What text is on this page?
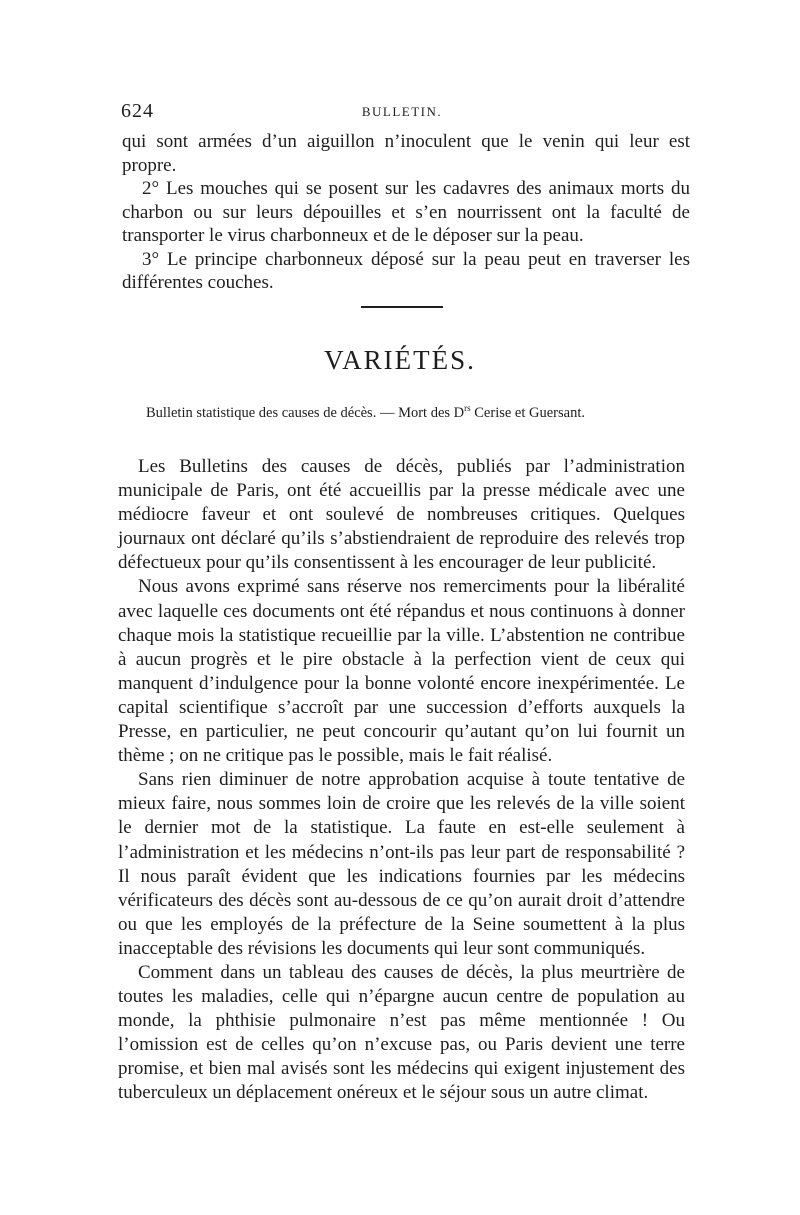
624	BULLETIN.

qui sont armées d’un aiguillon n’inoculent que le venin qui leur est propre.

2° Les mouches qui se posent sur les cadavres des animaux morts du charbon ou sur leurs dépouilles et s’en nourrissent ont la faculté de transporter le virus charbonneux et de le déposer sur la peau.

3° Le principe charbonneux déposé sur la peau peut en traverser les différentes couches.

VARIÉTÉS.
Bulletin statistique des causes de décès. — Mort des $D^{rs}$ Cerise et Guersant.

Les Bulletins des causes de décès, publiés par l’administration municipale de Paris, ont été accueillis par la presse médicale avec une médiocre faveur et ont soulevé de nombreuses critiques. Quelques journaux ont déclaré qu’ils s’abstiendraient de reproduire des relevés trop défectueux pour qu’ils consentissent à les encourager de leur publicité.

Nous avons exprimé sans réserve nos remerciments pour la libéralité avec laquelle ces documents ont été répandus et nous continuons à donner chaque mois la statistique recueillie par la ville. L’abstention ne contribue à aucun progrès et le pire obstacle à la perfection vient de ceux qui manquent d’indulgence pour la bonne volonté encore inexpérimentée. Le capital scientifique s’accroît par une succession d’efforts auxquels la Presse, en particulier, ne peut concourir qu’autant qu’on lui fournit un thème ; on ne critique pas le possible, mais le fait réalisé.

Sans rien diminuer de notre approbation acquise à toute tentative de mieux faire, nous sommes loin de croire que les relevés de la ville soient le dernier mot de la statistique. La faute en est-elle seulement à l’administration et les médecins n’ont-ils pas leur part de responsabilité ? Il nous paraît évident que les indications fournies par les médecins vérificateurs des décès sont au-dessous de ce qu’on aurait droit d’attendre ou que les employés de la préfecture de la Seine soumettent à la plus inacceptable des révisions les documents qui leur sont communiqués.

Comment dans un tableau des causes de décès, la plus meurtrière de toutes les maladies, celle qui n’épargne aucun centre de population au monde, la phthisie pulmonaire n’est pas même mentionnée ! Ou l’omission est de celles qu’on n’excuse pas, ou Paris devient une terre promise, et bien mal avisés sont les médecins qui exigent injustement des tuberculeux un déplacement onéreux et le séjour sous un autre climat.
